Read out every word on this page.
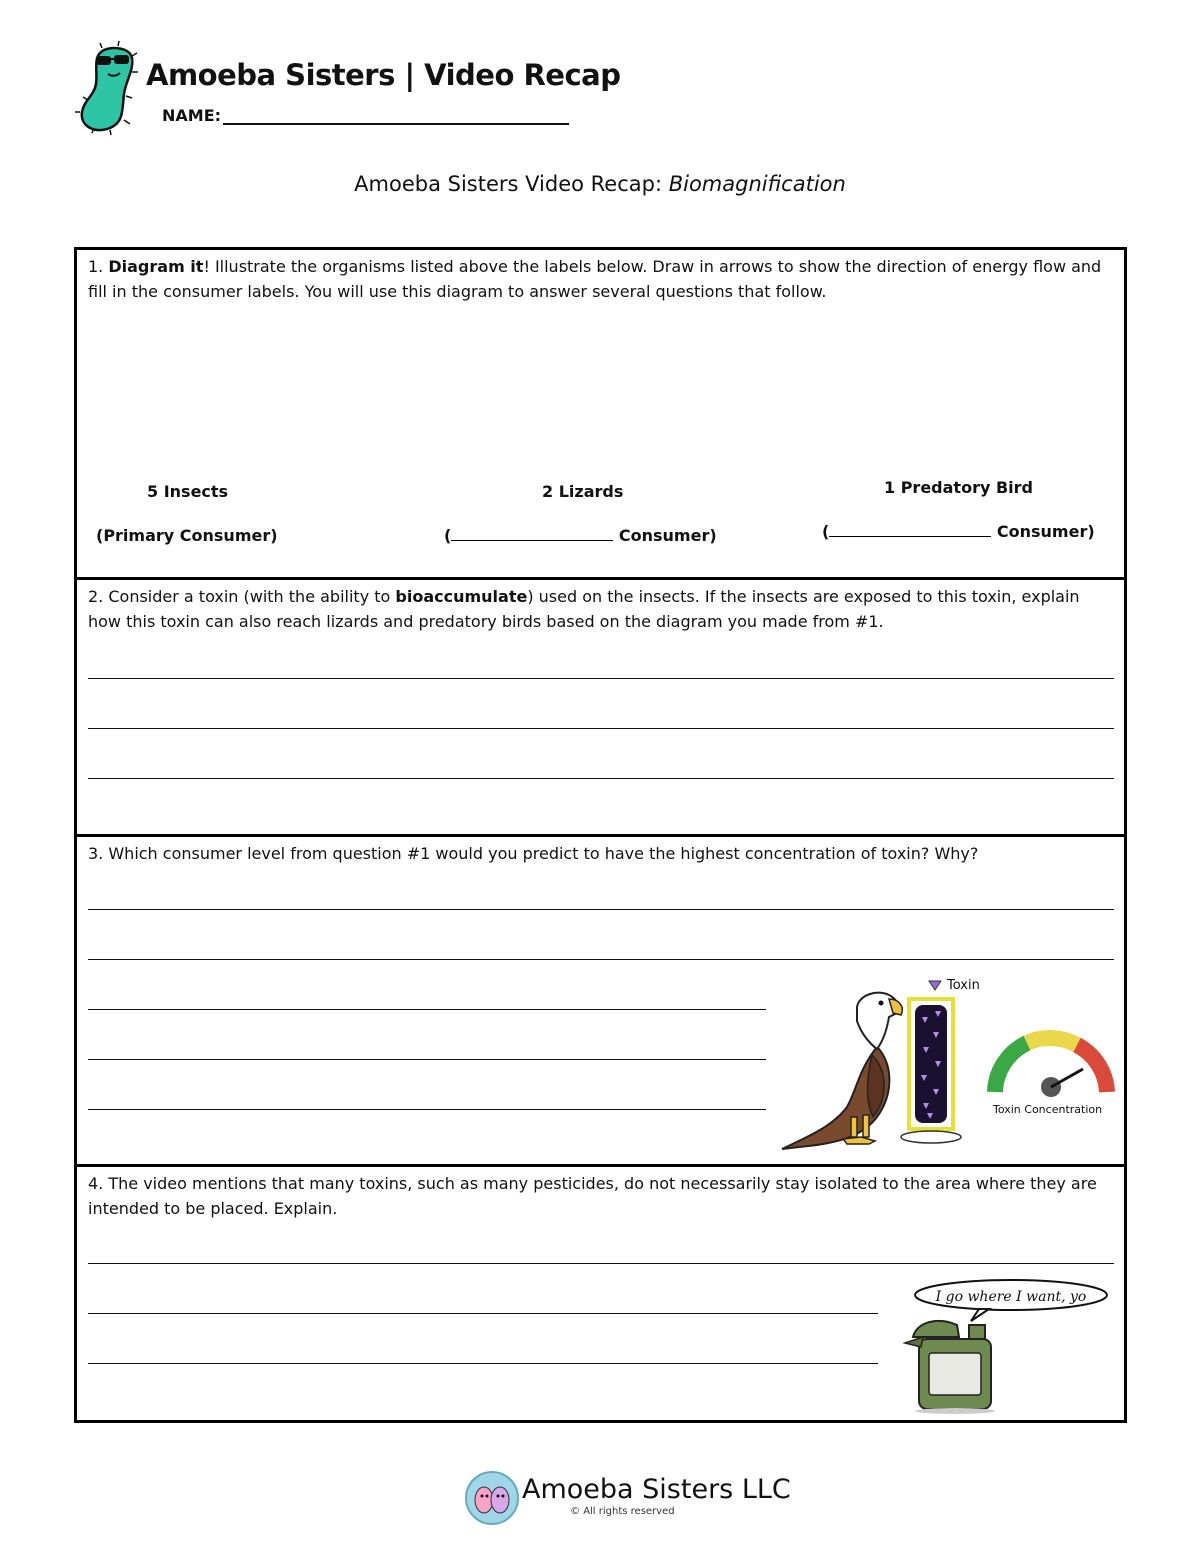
Amoeba Sisters | Video Recap
NAME:
Amoeba Sisters Video Recap: Biomagnification
1. Diagram it! Illustrate the organisms listed above the labels below. Draw in arrows to show the direction of energy flow and fill in the consumer labels. You will use this diagram to answer several questions that follow.
5 Insects	2 Lizards	1 Predatory Bird
(Primary Consumer)	(	Consumer)	(	Consumer)
2. Consider a toxin (with the ability to bioaccumulate) used on the insects. If the insects are exposed to this toxin, explain how this toxin can also reach lizards and predatory birds based on the diagram you made from #1.
3. Which consumer level from question #1 would you predict to have the highest concentration of toxin? Why?
Toxin
Toxin Concentration
4. The video mentions that many toxins, such as many pesticides, do not necessarily stay isolated to the area where they are intended to be placed. Explain.
I go where I want, yo
Amoeba Sisters LLC
© All rights reserved
